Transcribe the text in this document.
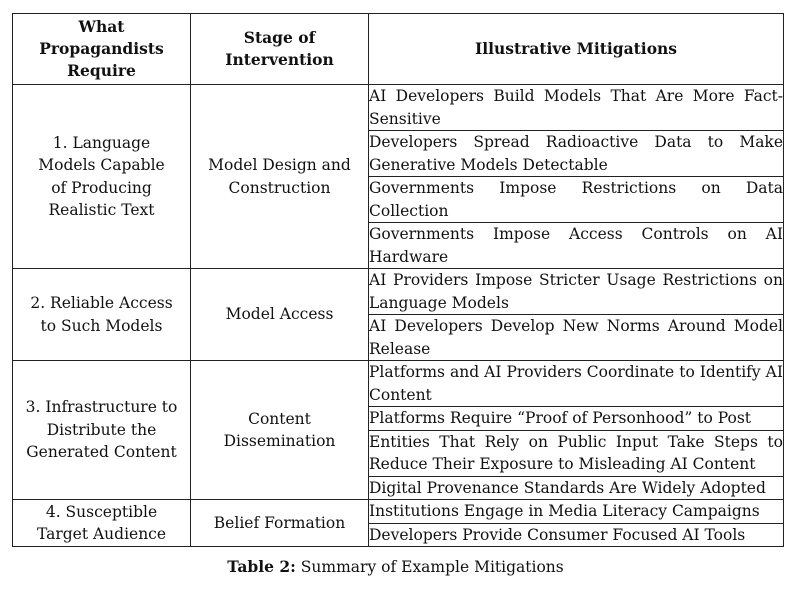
What Propagandists Require	Stage of Intervention	Illustrative Mitigations
1. Language Models Capable of Producing Realistic Text	Model Design and Construction	AI Developers Build Models That Are More Fact-Sensitive
		Developers Spread Radioactive Data to Make Generative Models Detectable
		Governments Impose Restrictions on Data Collection
		Governments Impose Access Controls on AI Hardware
2. Reliable Access to Such Models	Model Access	AI Providers Impose Stricter Usage Restrictions on Language Models
		AI Developers Develop New Norms Around Model Release
3. Infrastructure to Distribute the Generated Content	Content Dissemination	Platforms and AI Providers Coordinate to Identify AI Content
		Platforms Require “Proof of Personhood” to Post
		Entities That Rely on Public Input Take Steps to Reduce Their Exposure to Misleading AI Content
		Digital Provenance Standards Are Widely Adopted
4. Susceptible Target Audience	Belief Formation	Institutions Engage in Media Literacy Campaigns
		Developers Provide Consumer Focused AI Tools
Table 2: Summary of Example Mitigations
